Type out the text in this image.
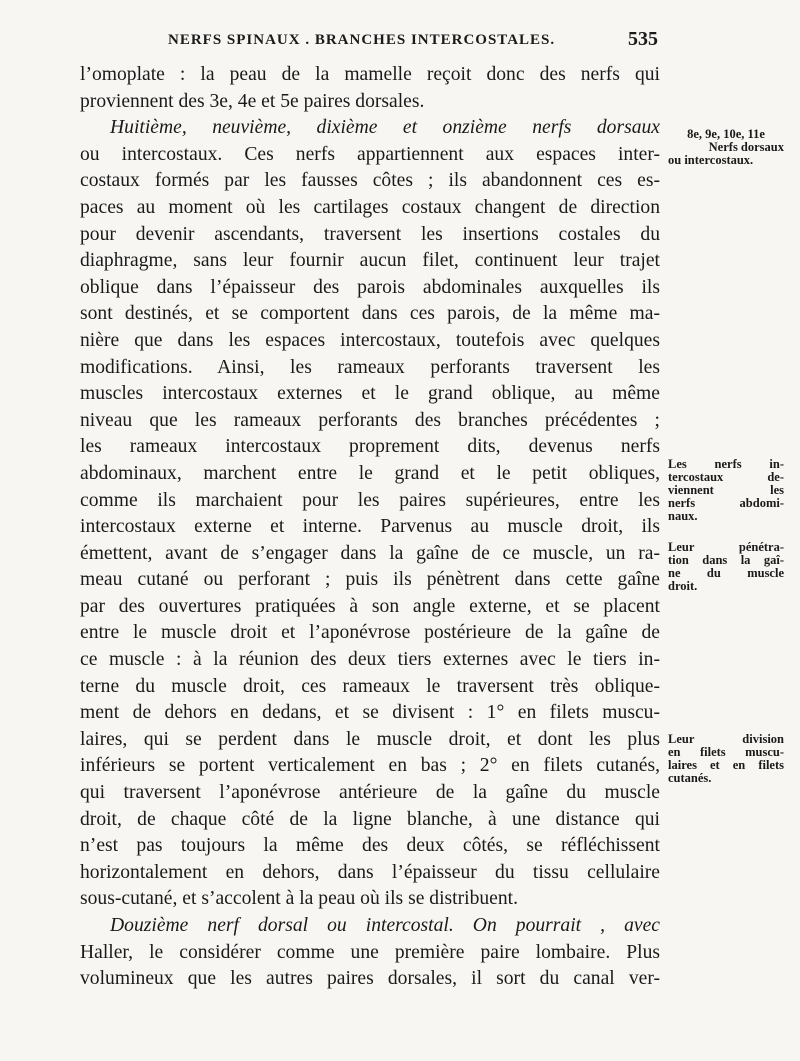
NERFS SPINAUX . BRANCHES INTERCOSTALES.	535
l’omoplate : la peau de la mamelle reçoit donc des nerfs qui
proviennent des 3e, 4e et 5e paires dorsales.
Huitième, neuvième, dixième et onzième nerfs dorsaux
ou intercostaux. Ces nerfs appartiennent aux espaces inter-
costaux formés par les fausses côtes ; ils abandonnent ces es-
paces au moment où les cartilages costaux changent de direction
pour devenir ascendants, traversent les insertions costales du
diaphragme, sans leur fournir aucun filet, continuent leur trajet
oblique dans l’épaisseur des parois abdominales auxquelles ils
sont destinés, et se comportent dans ces parois, de la même ma-
nière que dans les espaces intercostaux, toutefois avec quelques
modifications. Ainsi, les rameaux perforants traversent les
muscles intercostaux externes et le grand oblique, au même
niveau que les rameaux perforants des branches précédentes ;
les rameaux intercostaux proprement dits, devenus nerfs
abdominaux, marchent entre le grand et le petit obliques,
comme ils marchaient pour les paires supérieures, entre les
intercostaux externe et interne. Parvenus au muscle droit, ils
émettent, avant de s’engager dans la gaîne de ce muscle, un ra-
meau cutané ou perforant ; puis ils pénètrent dans cette gaîne
par des ouvertures pratiquées à son angle externe, et se placent
entre le muscle droit et l’aponévrose postérieure de la gaîne de
ce muscle : à la réunion des deux tiers externes avec le tiers in-
terne du muscle droit, ces rameaux le traversent très oblique-
ment de dehors en dedans, et se divisent : 1° en filets muscu-
laires, qui se perdent dans le muscle droit, et dont les plus
inférieurs se portent verticalement en bas ; 2° en filets cutanés,
qui traversent l’aponévrose antérieure de la gaîne du muscle
droit, de chaque côté de la ligne blanche, à une distance qui
n’est pas toujours la même des deux côtés, se réfléchissent
horizontalement en dehors, dans l’épaisseur du tissu cellulaire
sous-cutané, et s’accolent à la peau où ils se distribuent.
Douzième nerf dorsal ou intercostal. On pourrait , avec
Haller, le considérer comme une première paire lombaire. Plus
volumineux que les autres paires dorsales, il sort du canal ver-
8e, 9e, 10e, 11e
Nerfs dorsaux
ou intercostaux.
Les nerfs in-
tercostaux de-
viennent les
nerfs abdomi-
naux.
Leur pénétra-
tion dans la gaî-
ne du muscle
droit.
Leur division
en filets muscu-
laires et en filets
cutanés.
